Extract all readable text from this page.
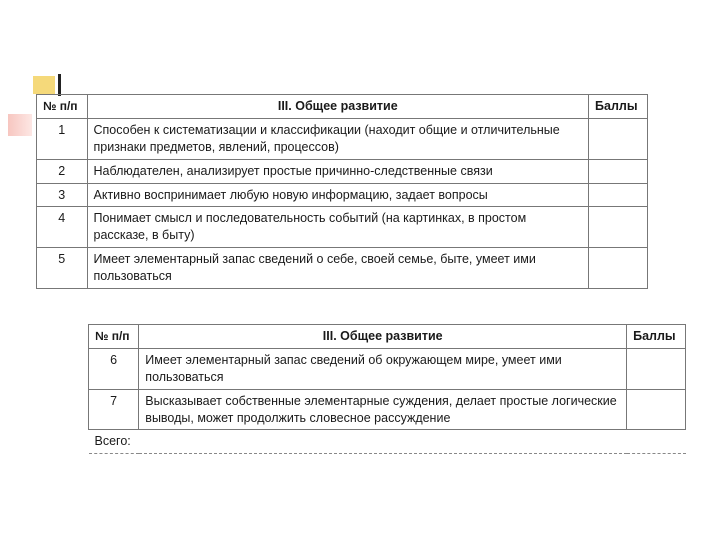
№ п/п	III. Общее развитие	Баллы
1	Способен к систематизации и классификации (находит общие и отличительные признаки предметов, явлений, процессов)	
2	Наблюдателен, анализирует простые причинно-следственные связи	
3	Активно воспринимает любую новую информацию, задает вопросы	
4	Понимает смысл и последовательность событий (на картинках, в простом рассказе, в быту)	
5	Имеет элементарный запас сведений о себе, своей семье, быте, умеет ими пользоваться	
№ п/п	III. Общее развитие	Баллы
6	Имеет элементарный запас сведений об окружающем мире, умеет ими пользоваться	
7	Высказывает собственные элементарные суждения, делает простые логические выводы, может продолжить словесное рассуждение	
Всего:		
